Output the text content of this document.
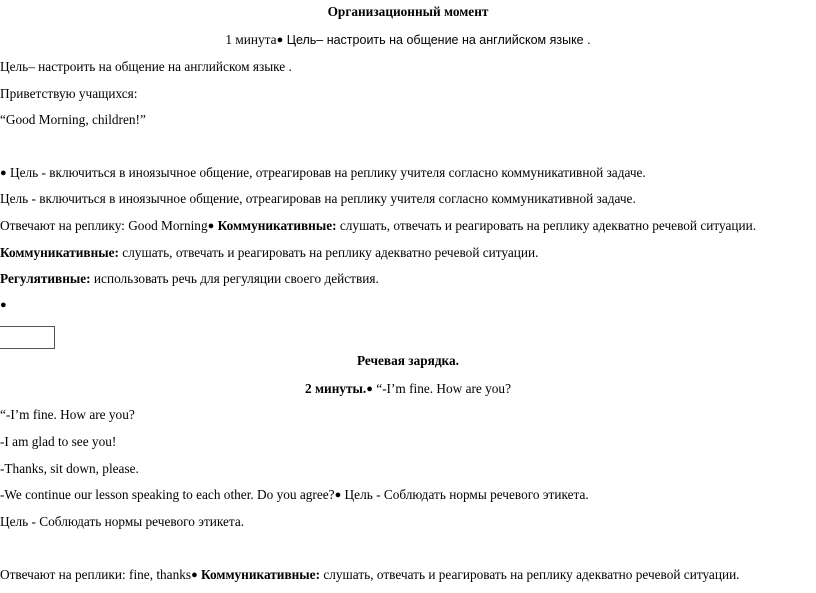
Организационный момент
1 минута● Цель– настроить на общение на английском языке .
Цель– настроить на общение на английском языке .
Приветствую учащихся:
“Good Morning, children!”
● Цель - включиться в иноязычное общение, отреагировав на реплику учителя согласно коммуникативной задаче.
Цель - включиться в иноязычное общение, отреагировав на реплику учителя согласно коммуникативной задаче.
Отвечают на реплику: Good Morning● Коммуникативные: слушать, отвечать и реагировать на реплику адекватно речевой ситуации.
Коммуникативные: слушать, отвечать и реагировать на реплику адекватно речевой ситуации.
Регулятивные: использовать речь для регуляции своего действия.
●
Речевая зарядка.
2 минуты.● “-I’m fine. How are you?
“-I’m fine. How are you?
-I am glad to see you!
-Thanks, sit down, please.
-We continue our lesson speaking to each other. Do you agree?● Цель - Соблюдать нормы речевого этикета.
Цель - Соблюдать нормы речевого этикета.
Отвечают на реплики: fine, thanks● Коммуникативные: слушать, отвечать и реагировать на реплику адекватно речевой ситуации.
